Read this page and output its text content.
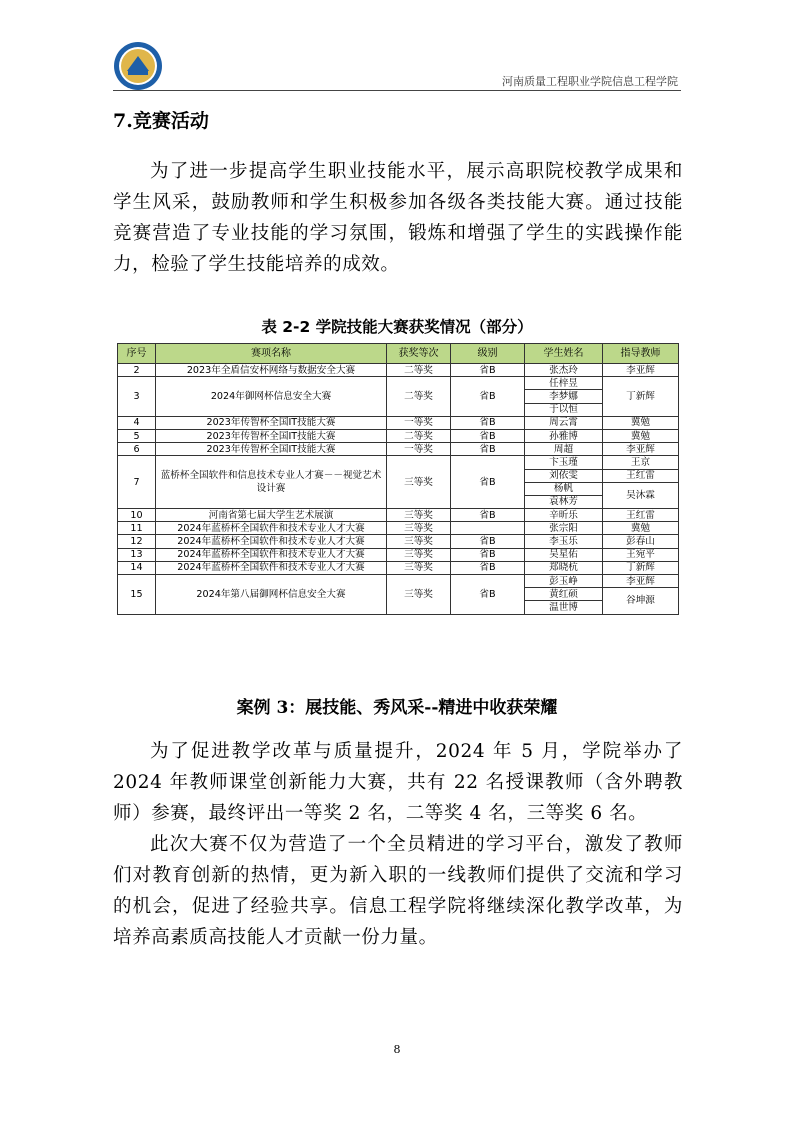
河南质量工程职业学院信息工程学院
7.竞赛活动
为了进一步提高学生职业技能水平，展示高职院校教学成果和学生风采，鼓励教师和学生积极参加各级各类技能大赛。通过技能竞赛营造了专业技能的学习氛围，锻炼和增强了学生的实践操作能力，检验了学生技能培养的成效。
表 2-2 学院技能大赛获奖情况（部分）
序号	赛项名称	获奖等次	级别	学生姓名	指导教师
2	2023年全盾信安杯网络与数据安全大赛	二等奖	省B	张杰玲	李亚辉
3	2024年御网杯信息安全大赛	二等奖	省B	任梓昱	丁新辉
				李梦娜	
				于以恒	
4	2023年传智杯全国IT技能大赛	一等奖	省B	周云霄	冀勉
5	2023年传智杯全国IT技能大赛	二等奖	省B	孙雅博	冀勉
6	2023年传智杯全国IT技能大赛	一等奖	省B	周超	李亚辉
7	蓝桥杯全国软件和信息技术专业人才赛－－视觉艺术设计赛	三等奖	省B	卞玉瑾	王京
				刘依雯	王红雷
				杨帆	吴沐霖
				袁林芳	
10	河南省第七届大学生艺术展演	三等奖	省B	辛昕乐	王红雷
11	2024年蓝桥杯全国软件和技术专业人才大赛	三等奖		张宗阳	冀勉
12	2024年蓝桥杯全国软件和技术专业人才大赛	三等奖	省B	李玉乐	彭春山
13	2024年蓝桥杯全国软件和技术专业人才大赛	三等奖	省B	吴星佑	王宛平
14	2024年蓝桥杯全国软件和技术专业人才大赛	三等奖	省B	郑晓杭	丁新辉
15	2024年第八届御网杯信息安全大赛	三等奖	省B	彭玉峥	李亚辉
				黄红硕	谷坤源
				温世博	
案例 3：展技能、秀风采--精进中收获荣耀
为了促进教学改革与质量提升，2024 年 5 月，学院举办了 2024 年教师课堂创新能力大赛，共有 22 名授课教师（含外聘教师）参赛，最终评出一等奖 2 名，二等奖 4 名，三等奖 6 名。
此次大赛不仅为营造了一个全员精进的学习平台，激发了教师们对教育创新的热情，更为新入职的一线教师们提供了交流和学习的机会，促进了经验共享。信息工程学院将继续深化教学改革，为培养高素质高技能人才贡献一份力量。
8
